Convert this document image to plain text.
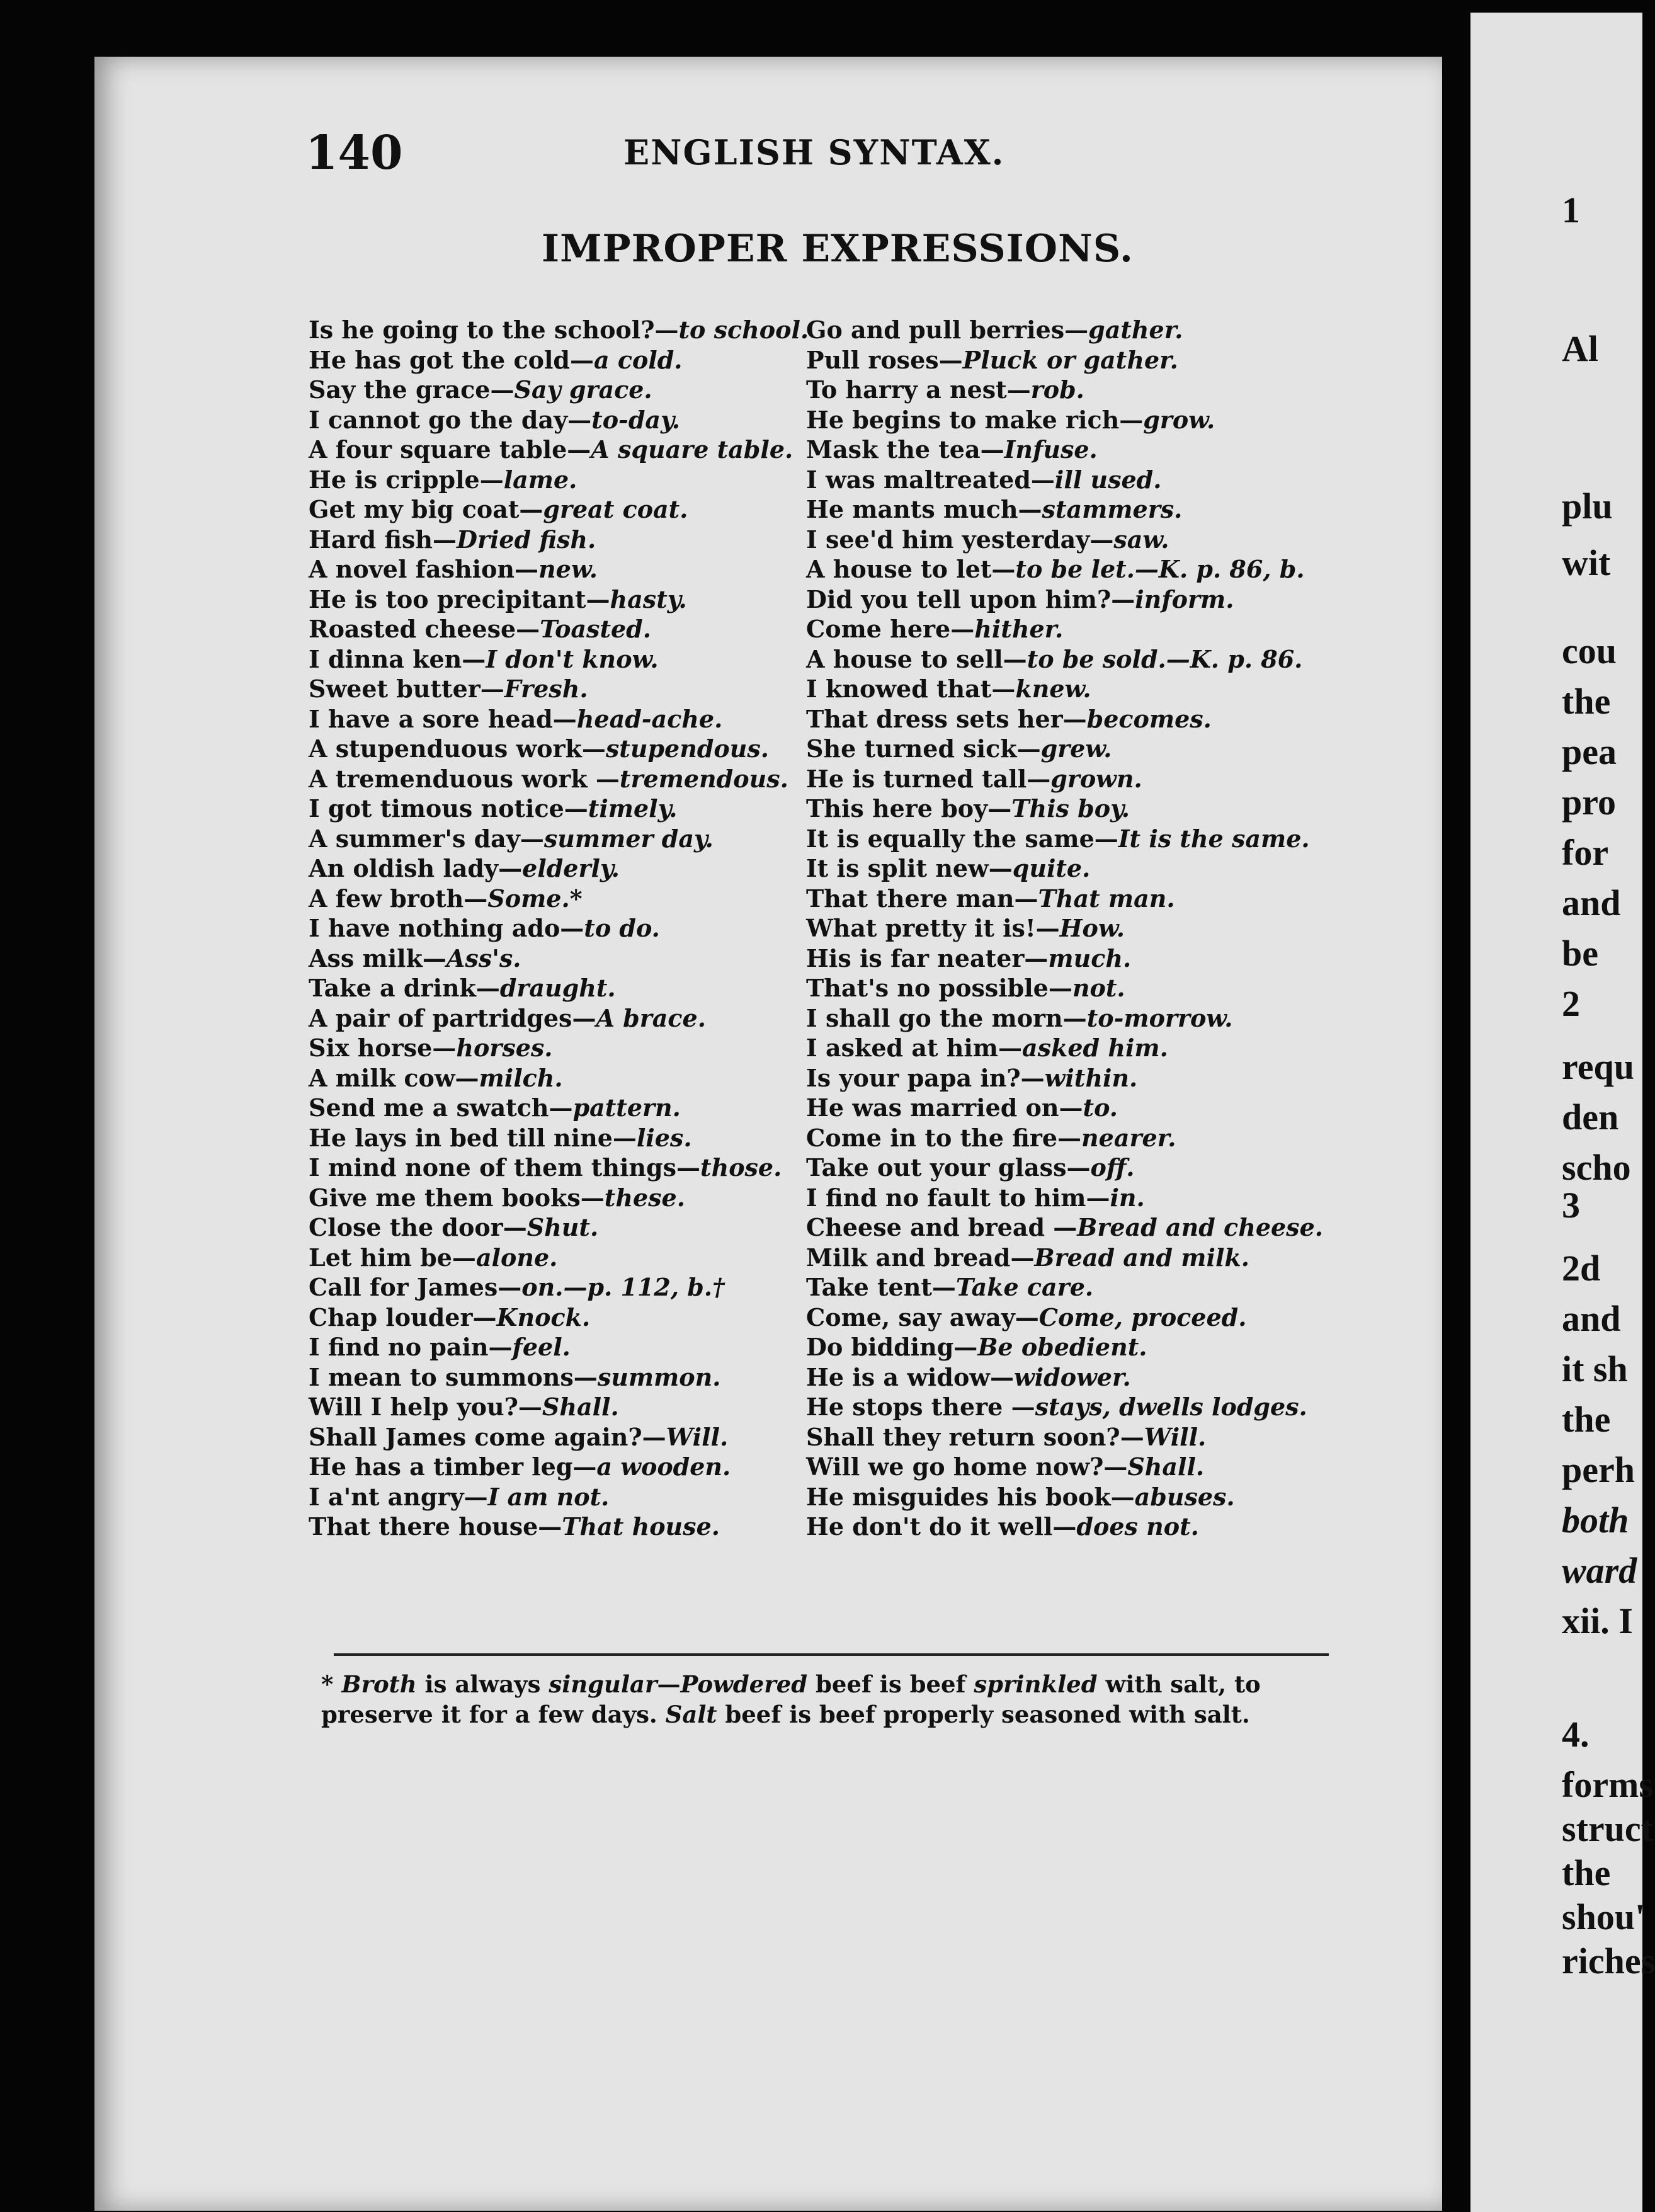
140	ENGLISH SYNTAX.
IMPROPER EXPRESSIONS.
Is he going to the school?—to school.
He has got the cold—a cold.
Say the grace—Say grace.
I cannot go the day—to-day.
A four square table—A square table.
He is cripple—lame.
Get my big coat—great coat.
Hard fish—Dried fish.
A novel fashion—new.
He is too precipitant—hasty.
Roasted cheese—Toasted.
I dinna ken—I don't know.
Sweet butter—Fresh.
I have a sore head—head-ache.
A stupenduous work—stupendous.
A tremenduous work —tremendous.
I got timous notice—timely.
A summer's day—summer day.
An oldish lady—elderly.
A few broth—Some.*
I have nothing ado—to do.
Ass milk—Ass's.
Take a drink—draught.
A pair of partridges—A brace.
Six horse—horses.
A milk cow—milch.
Send me a swatch—pattern.
He lays in bed till nine—lies.
I mind none of them things—those.
Give me them books—these.
Close the door—Shut.
Let him be—alone.
Call for James—on.—p. 112, b.†
Chap louder—Knock.
I find no pain—feel.
I mean to summons—summon.
Will I help you?—Shall.
Shall James come again?—Will.
He has a timber leg—a wooden.
I a'nt angry—I am not.
That there house—That house.
Go and pull berries—gather.
Pull roses—Pluck or gather.
To harry a nest—rob.
He begins to make rich—grow.
Mask the tea—Infuse.
I was maltreated—ill used.
He mants much—stammers.
I see'd him yesterday—saw.
A house to let—to be let.—K. p. 86, b.
Did you tell upon him?—inform.
Come here—hither.
A house to sell—to be sold.—K. p. 86.
I knowed that—knew.
That dress sets her—becomes.
She turned sick—grew.
He is turned tall—grown.
This here boy—This boy.
It is equally the same—It is the same.
It is split new—quite.
That there man—That man.
What pretty it is!—How.
His is far neater—much.
That's no possible—not.
I shall go the morn—to-morrow.
I asked at him—asked him.
Is your papa in?—within.
He was married on—to.
Come in to the fire—nearer.
Take out your glass—off.
I find no fault to him—in.
Cheese and bread —Bread and cheese.
Milk and bread—Bread and milk.
Take tent—Take care.
Come, say away—Come, proceed.
Do bidding—Be obedient.
He is a widow—widower.
He stops there —stays, dwells lodges.
Shall they return soon?—Will.
Will we go home now?—Shall.
He misguides his book—abuses.
He don't do it well—does not.
* Broth is always singular—Powdered beef is beef sprinkled with salt, to preserve it for a few days. Salt beef is beef properly seasoned with salt.
1
Al
plu
wit
cou
the
pea
pro
for
and
be
2
requ
den
scho
3
2d
and
it sh
the
perh
both
ward
xii. I
4.
forms
struct
the
shou'
riches
